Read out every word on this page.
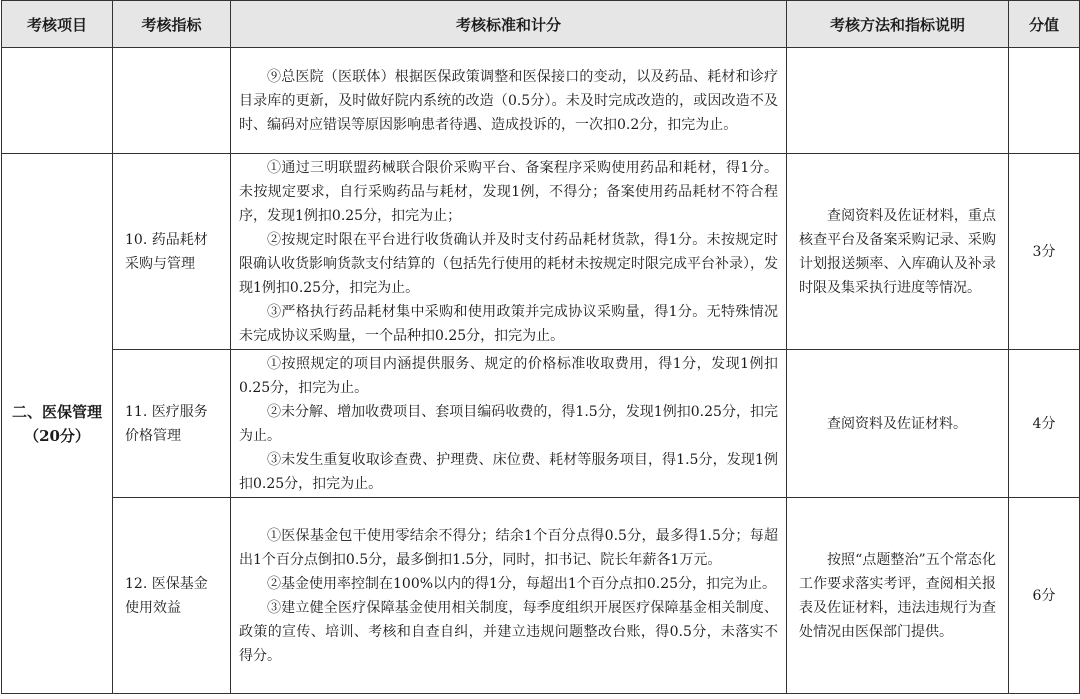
考核项目	考核指标	考核标准和计分	考核方法和指标说明	分值

		⑨总医院（医联体）根据医保政策调整和医保接口的变动，以及药品、耗材和诊疗目录库的更新，及时做好院内系统的改造（0.5分）。未及时完成改造的，或因改造不及时、编码对应错误等原因影响患者待遇、造成投诉的，一次扣0.2分，扣完为止。		

二、医保管理（20分）	10. 药品耗材采购与管理	①通过三明联盟药械联合限价采购平台、备案程序采购使用药品和耗材，得1分。未按规定要求，自行采购药品与耗材，发现1例，不得分；备案使用药品耗材不符合程序，发现1例扣0.25分，扣完为止；

②按规定时限在平台进行收货确认并及时支付药品耗材货款，得1分。未按规定时限确认收货影响货款支付结算的（包括先行使用的耗材未按规定时限完成平台补录），发现1例扣0.25分，扣完为止。

③严格执行药品耗材集中采购和使用政策并完成协议采购量，得1分。无特殊情况未完成协议采购量，一个品种扣0.25分，扣完为止。	查阅资料及佐证材料，重点核查平台及备案采购记录、采购计划报送频率、入库确认及补录时限及集采执行进度等情况。	3分
	11. 医疗服务价格管理	①按照规定的项目内涵提供服务、规定的价格标准收取费用，得1分，发现1例扣0.25分，扣完为止。

②未分解、增加收费项目、套项目编码收费的，得1.5分，发现1例扣0.25分，扣完为止。

③未发生重复收取诊查费、护理费、床位费、耗材等服务项目，得1.5分，发现1例扣0.25分，扣完为止。	查阅资料及佐证材料。	4分
	12. 医保基金使用效益	①医保基金包干使用零结余不得分；结余1个百分点得0.5分，最多得1.5分；每超出1个百分点倒扣0.5分，最多倒扣1.5分，同时，扣书记、院长年薪各1万元。

②基金使用率控制在100%以内的得1分，每超出1个百分点扣0.25分，扣完为止。

③建立健全医疗保障基金使用相关制度，每季度组织开展医疗保障基金相关制度、政策的宣传、培训、考核和自查自纠，并建立违规问题整改台账，得0.5分，未落实不得分。	按照“点题整治”五个常态化工作要求落实考评，查阅相关报表及佐证材料，违法违规行为查处情况由医保部门提供。	6分
